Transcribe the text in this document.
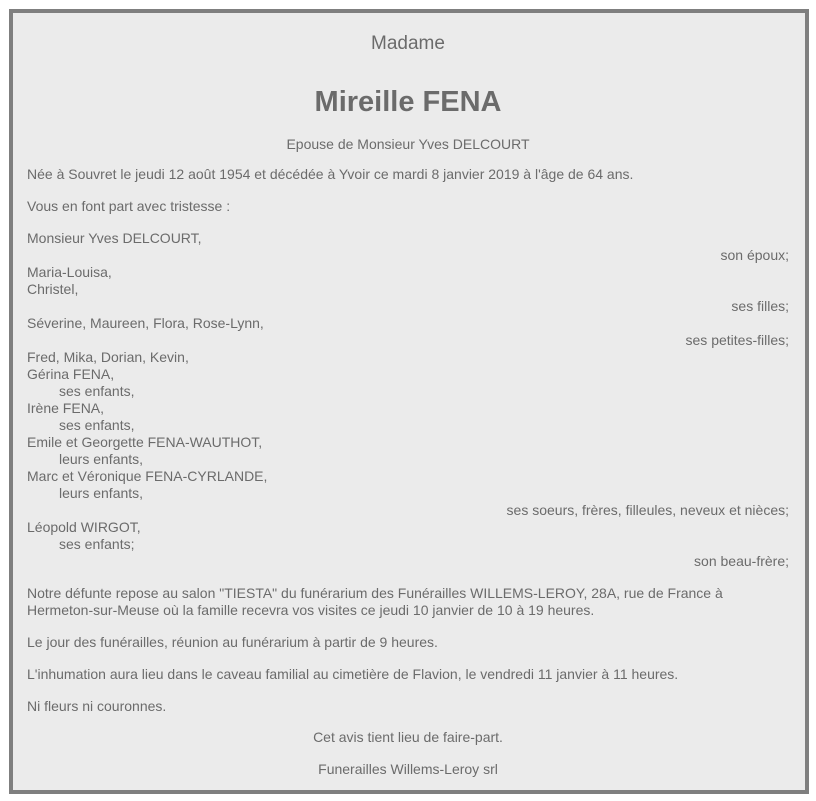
Madame
Mireille FENA
Epouse de Monsieur Yves DELCOURT

Née à Souvret le jeudi 12 août 1954 et décédée à Yvoir ce mardi 8 janvier 2019 à l'âge de 64 ans.

Vous en font part avec tristesse :

Monsieur Yves DELCOURT,
son époux;
Maria-Louisa,
Christel,
ses filles;
Séverine, Maureen, Flora, Rose-Lynn,
ses petites-filles;
Fred, Mika, Dorian, Kevin,
Gérina FENA,
ses enfants,
Irène FENA,
ses enfants,
Emile et Georgette FENA-WAUTHOT,
leurs enfants,
Marc et Véronique FENA-CYRLANDE,
leurs enfants,
ses soeurs, frères, filleules, neveux et nièces;
Léopold WIRGOT,
ses enfants;
son beau-frère;

Notre défunte repose au salon "TIESTA" du funérarium des Funérailles WILLEMS-LEROY, 28A, rue de France à Hermeton-sur-Meuse où la famille recevra vos visites ce jeudi 10 janvier de 10 à 19 heures.

Le jour des funérailles, réunion au funérarium à partir de 9 heures.

L'inhumation aura lieu dans le caveau familial au cimetière de Flavion, le vendredi 11 janvier à 11 heures.

Ni fleurs ni couronnes.

Cet avis tient lieu de faire-part.
Funerailles Willems-Leroy srl
